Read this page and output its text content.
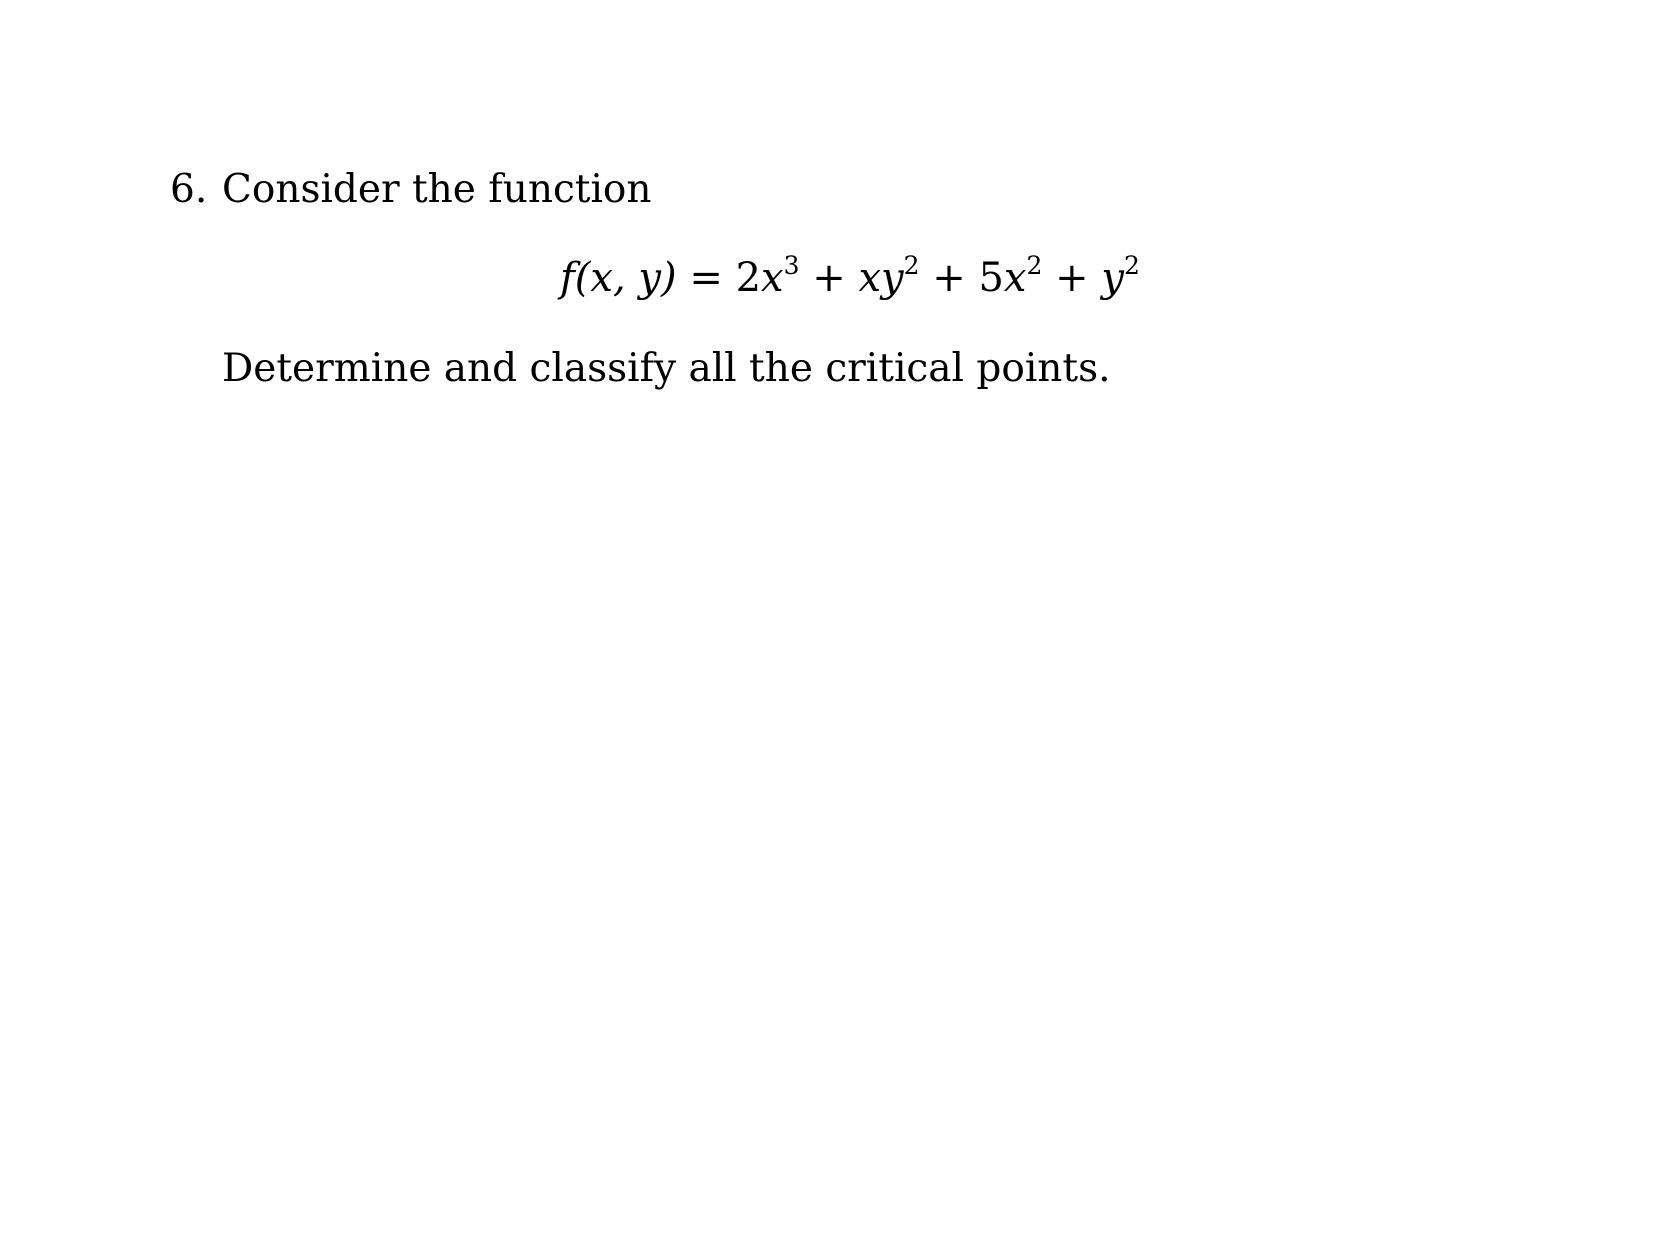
6. Consider the function
f(x, $y) = 2x^3 + xy^2 + 5x^2 + y^2$
Determine and classify all the critical points.
